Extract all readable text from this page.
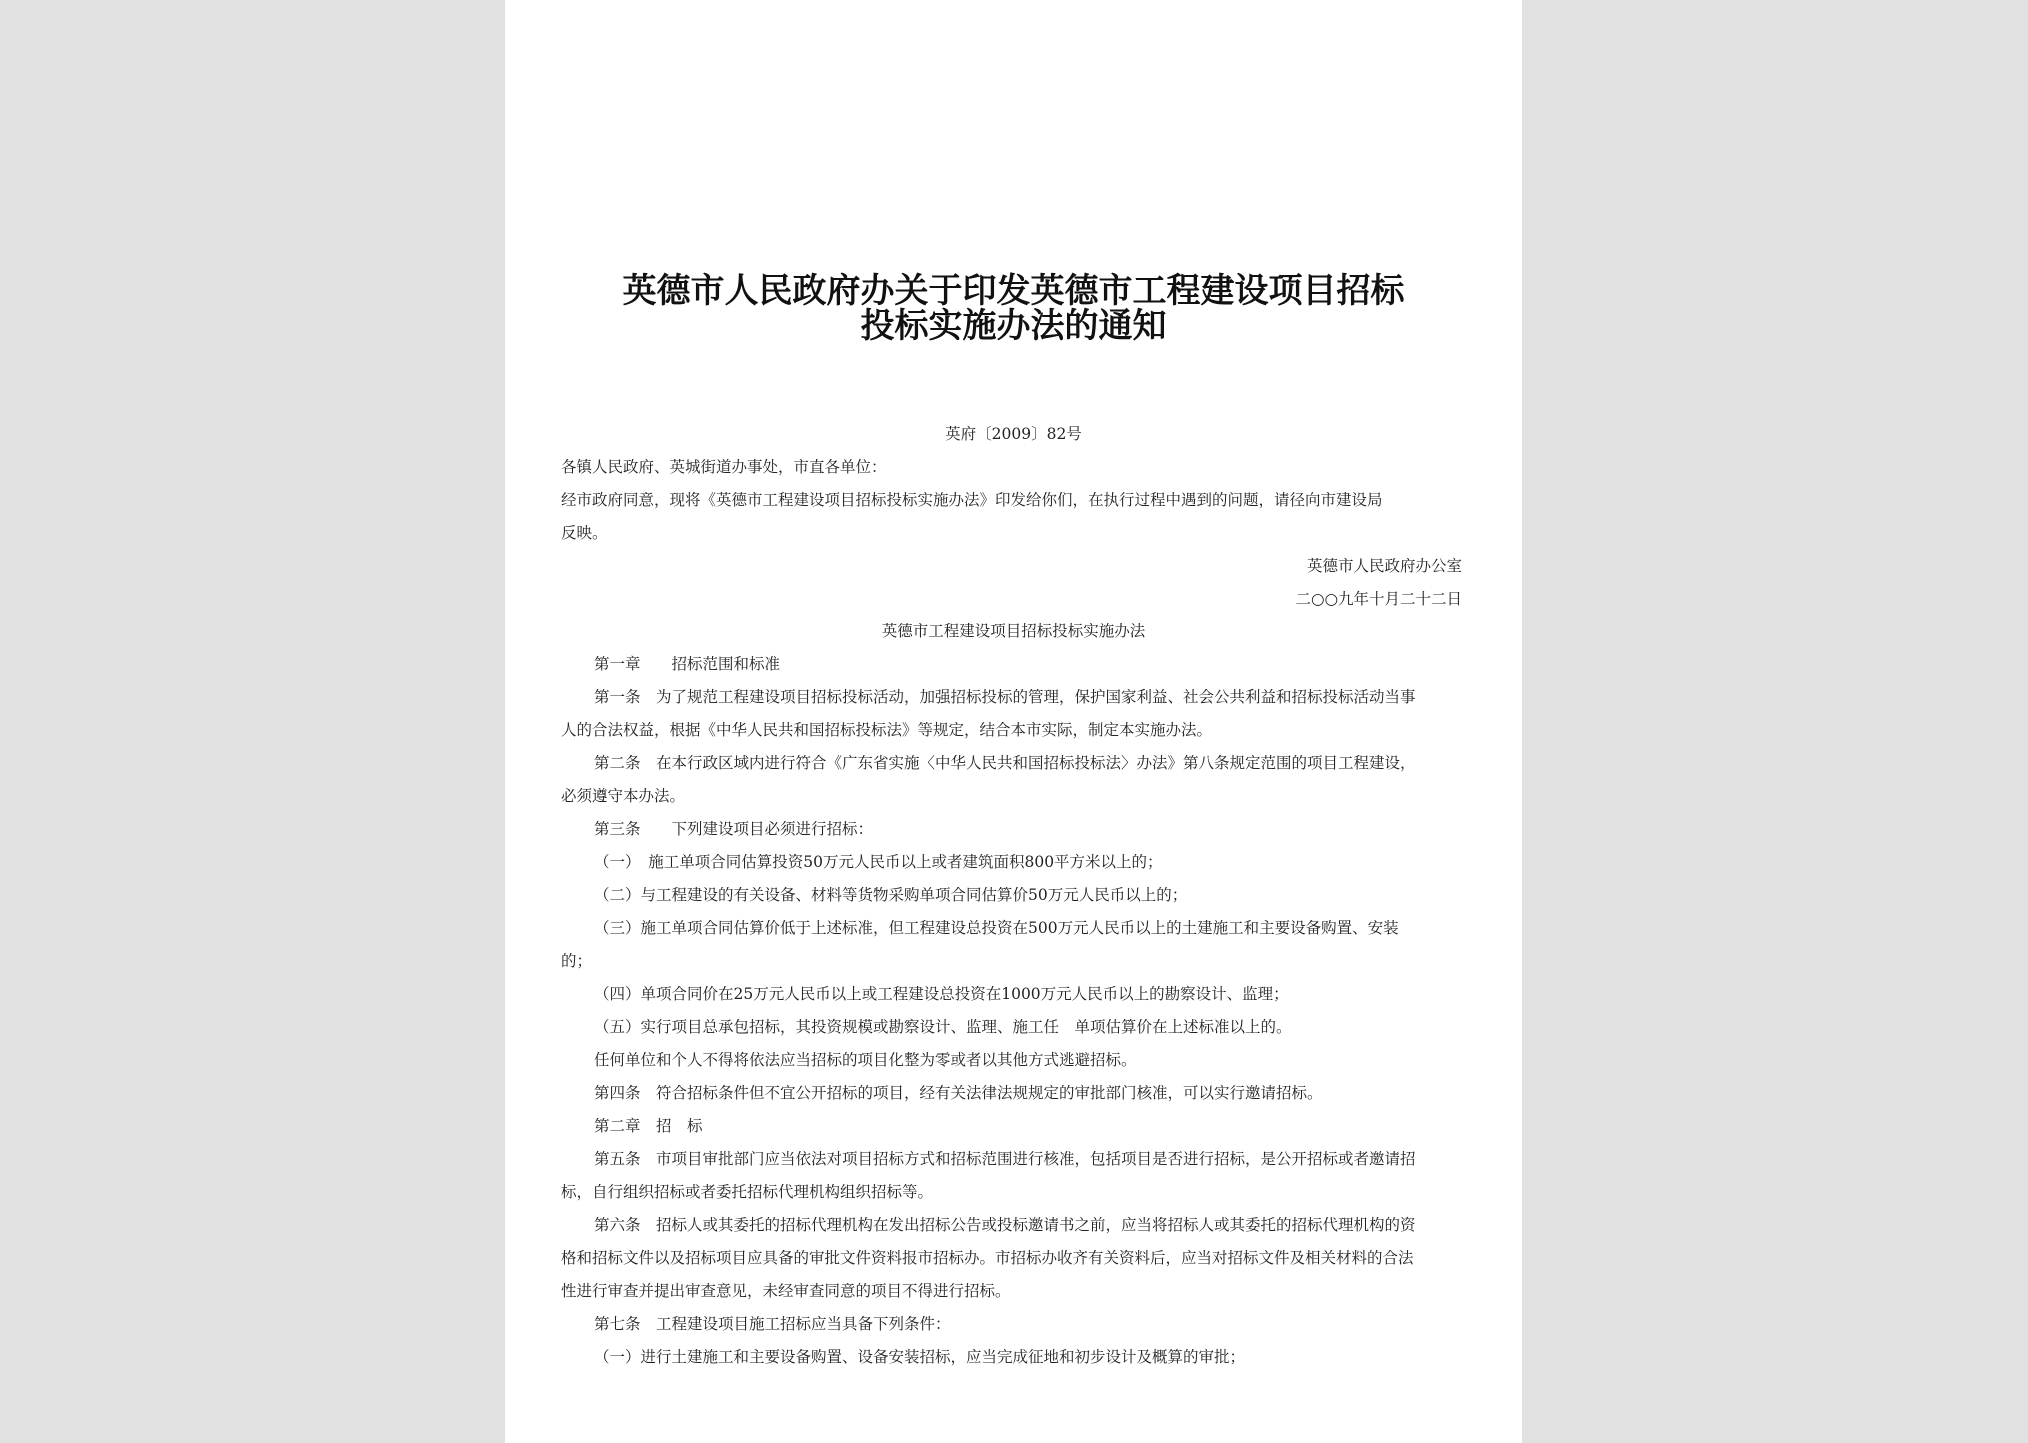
英德市人民政府办关于印发英德市工程建设项目招标
投标实施办法的通知
英府〔2009〕82号
各镇人民政府、英城街道办事处，市直各单位：
经市政府同意，现将《英德市工程建设项目招标投标实施办法》印发给你们，在执行过程中遇到的问题，请径向市建设局
反映。
英德市人民政府办公室
二○○九年十月二十二日
英德市工程建设项目招标投标实施办法
第一章　　招标范围和标准
第一条　为了规范工程建设项目招标投标活动，加强招标投标的管理，保护国家利益、社会公共利益和招标投标活动当事
人的合法权益，根据《中华人民共和国招标投标法》等规定，结合本市实际，制定本实施办法。
第二条　在本行政区域内进行符合《广东省实施〈中华人民共和国招标投标法〉办法》第八条规定范围的项目工程建设，
必须遵守本办法。
第三条　　下列建设项目必须进行招标：
（一）　施工单项合同估算投资50万元人民币以上或者建筑面积800平方米以上的；
（二）与工程建设的有关设备、材料等货物采购单项合同估算价50万元人民币以上的；
（三）施工单项合同估算价低于上述标准，但工程建设总投资在500万元人民币以上的土建施工和主要设备购置、安装
的；
（四）单项合同价在25万元人民币以上或工程建设总投资在1000万元人民币以上的勘察设计、监理；
（五）实行项目总承包招标，其投资规模或勘察设计、监理、施工任　单项估算价在上述标准以上的。
任何单位和个人不得将依法应当招标的项目化整为零或者以其他方式逃避招标。
第四条　符合招标条件但不宜公开招标的项目，经有关法律法规规定的审批部门核准，可以实行邀请招标。
第二章　招　标
第五条　市项目审批部门应当依法对项目招标方式和招标范围进行核准，包括项目是否进行招标，是公开招标或者邀请招
标，自行组织招标或者委托招标代理机构组织招标等。
第六条　招标人或其委托的招标代理机构在发出招标公告或投标邀请书之前，应当将招标人或其委托的招标代理机构的资
格和招标文件以及招标项目应具备的审批文件资料报市招标办。市招标办收齐有关资料后，应当对招标文件及相关材料的合法
性进行审查并提出审查意见，未经审查同意的项目不得进行招标。
第七条　工程建设项目施工招标应当具备下列条件：
（一）进行土建施工和主要设备购置、设备安装招标，应当完成征地和初步设计及概算的审批；
